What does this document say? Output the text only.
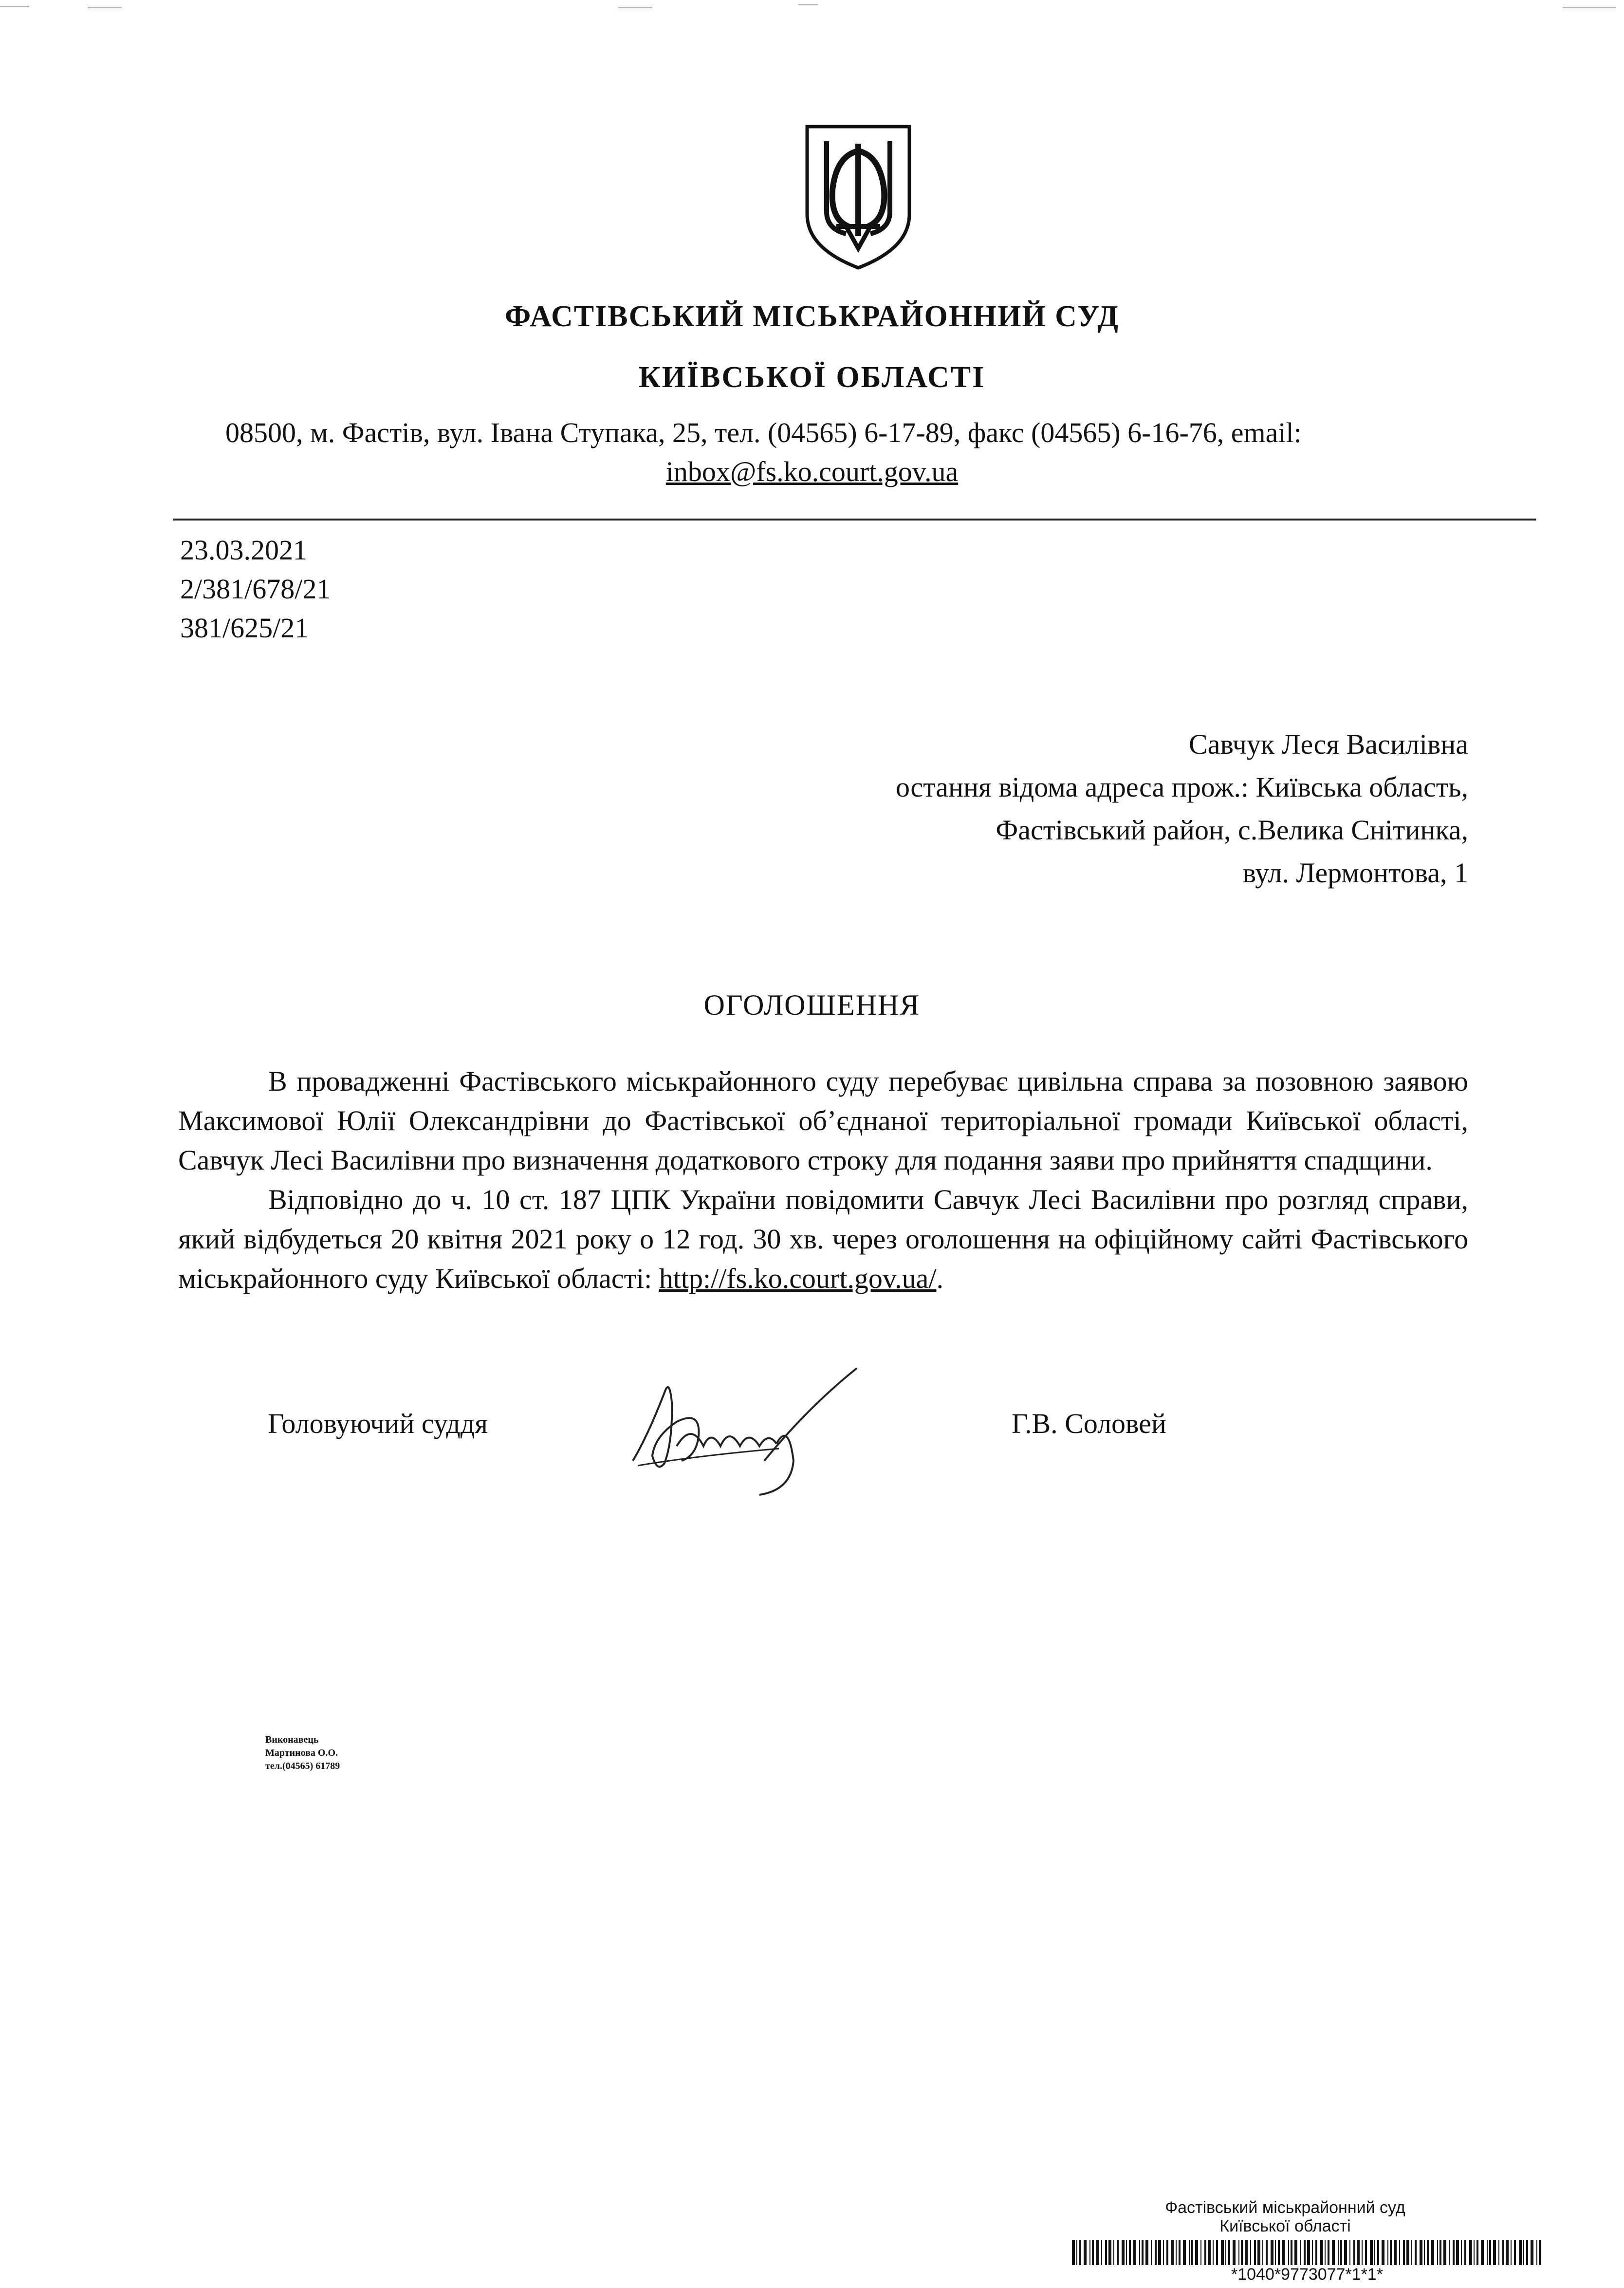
ФАСТІВСЬКИЙ МІСЬКРАЙОННИЙ СУД
КИЇВСЬКОЇ ОБЛАСТІ
08500, м. Фастів, вул. Івана Ступака, 25, тел. (04565) 6-17-89, факс (04565) 6-16-76, email:
inbox@fs.ko.court.gov.ua
23.03.2021
2/381/678/21
381/625/21
Савчук Леся Василівна
остання відома адреса прож.: Київська область,
Фастівський район, с.Велика Снітинка,
вул. Лермонтова, 1
ОГОЛОШЕННЯ

В провадженні Фастівського міськрайонного суду перебуває цивільна справа за позовною заявою Максимової Юлії Олександрівни до Фастівської об’єднаної територіальної громади Київської області, Савчук Лесі Василівни про визначення додаткового строку для подання заяви про прийняття спадщини.

Відповідно до ч. 10 ст. 187 ЦПК України повідомити Савчук Лесі Василівни про розгляд справи, який відбудеться 20 квітня 2021 року о 12 год. 30 хв. через оголошення на офіційному сайті Фастівського міськрайонного суду Київської області: http://fs.ko.court.gov.ua/.

Головуючий суддя	Г.В. Соловей
Виконавець
Мартинова О.О.
тел.(04565) 61789
Фастівський міськрайонний суд
Київської області
*1040*9773077*1*1*
